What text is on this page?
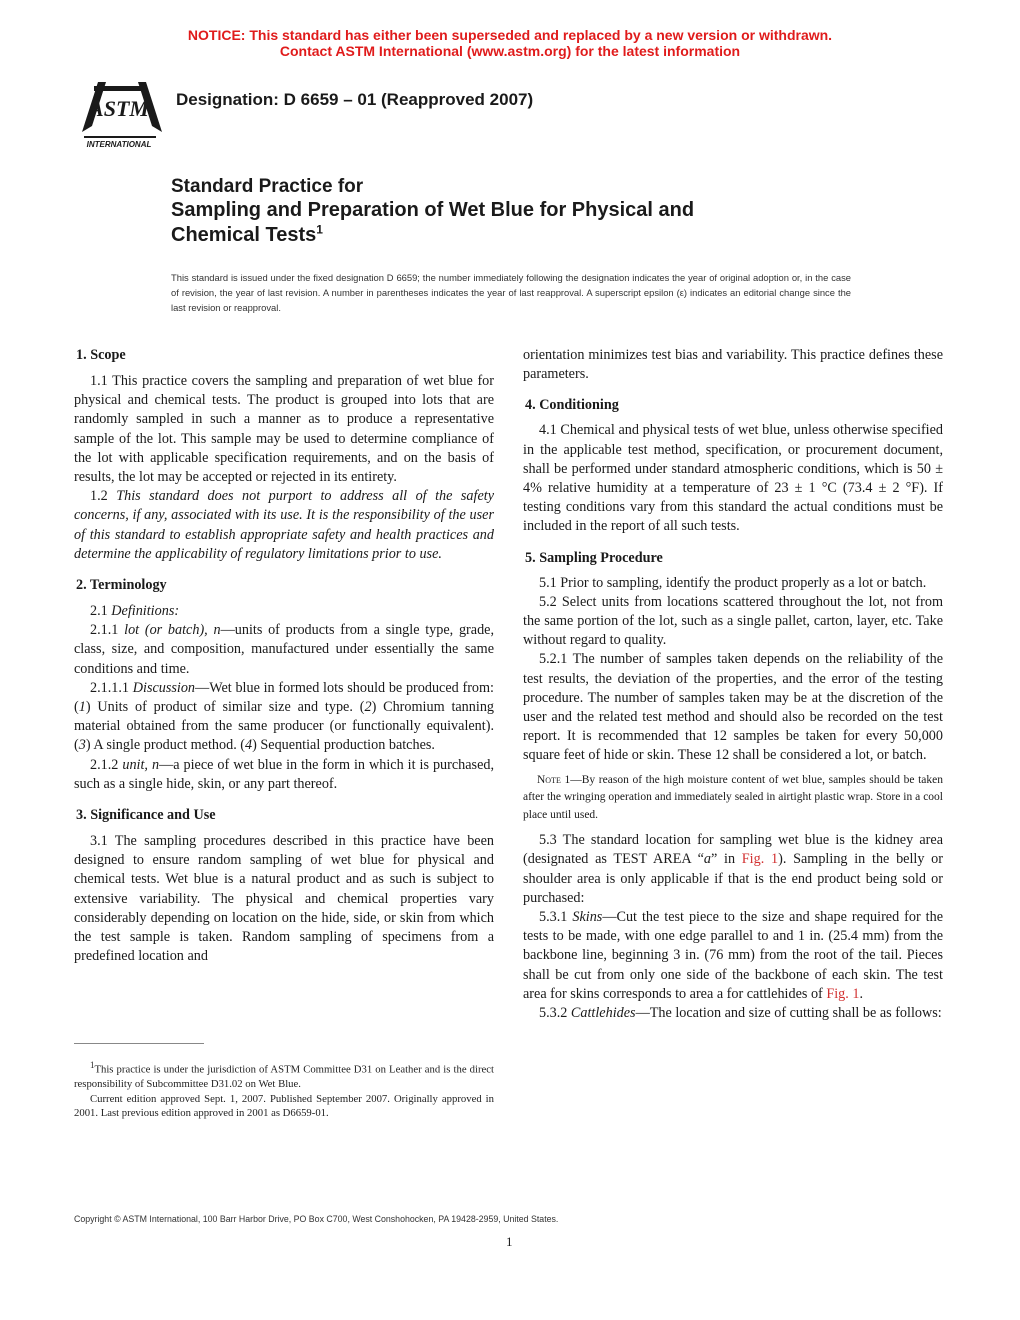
NOTICE: This standard has either been superseded and replaced by a new version or withdrawn.
Contact ASTM International (www.astm.org) for the latest information
ASTM
INTERNATIONAL
Designation: D 6659 – 01 (Reapproved 2007)
Standard Practice for
Sampling and Preparation of Wet Blue for Physical and
Chemical Tests$^1$
This standard is issued under the fixed designation D 6659; the number immediately following the designation indicates the year of original adoption or, in the case of revision, the year of last revision. A number in parentheses indicates the year of last reapproval. A superscript epsilon (ε) indicates an editorial change since the last revision or reapproval.
1. Scope

1.1 This practice covers the sampling and preparation of wet blue for physical and chemical tests. The product is grouped into lots that are randomly sampled in such a manner as to produce a representative sample of the lot. This sample may be used to determine compliance of the lot with applicable specification requirements, and on the basis of results, the lot may be accepted or rejected in its entirety.

1.2 This standard does not purport to address all of the safety concerns, if any, associated with its use. It is the responsibility of the user of this standard to establish appropriate safety and health practices and determine the applicability of regulatory limitations prior to use.

2. Terminology

2.1 Definitions:

2.1.1 lot (or batch), n—units of products from a single type, grade, class, size, and composition, manufactured under essentially the same conditions and time.

2.1.1.1 Discussion—Wet blue in formed lots should be produced from: (1) Units of product of similar size and type. (2) Chromium tanning material obtained from the same producer (or functionally equivalent). (3) A single product method. (4) Sequential production batches.

2.1.2 unit, n—a piece of wet blue in the form in which it is purchased, such as a single hide, skin, or any part thereof.

3. Significance and Use

3.1 The sampling procedures described in this practice have been designed to ensure random sampling of wet blue for physical and chemical tests. Wet blue is a natural product and as such is subject to extensive variability. The physical and chemical properties vary considerably depending on location on the hide, side, or skin from which the test sample is taken. Random sampling of specimens from a predefined location and

$^1$This practice is under the jurisdiction of ASTM Committee D31 on Leather and is the direct responsibility of Subcommittee D31.02 on Wet Blue.

Current edition approved Sept. 1, 2007. Published September 2007. Originally approved in 2001. Last previous edition approved in 2001 as D6659-01.

orientation minimizes test bias and variability. This practice defines these parameters.

4. Conditioning

4.1 Chemical and physical tests of wet blue, unless otherwise specified in the applicable test method, specification, or procurement document, shall be performed under standard atmospheric conditions, which is 50 ± 4% relative humidity at a temperature of 23 ± 1 °C (73.4 ± 2 °F). If testing conditions vary from this standard the actual conditions must be included in the report of all such tests.

5. Sampling Procedure

5.1 Prior to sampling, identify the product properly as a lot or batch.

5.2 Select units from locations scattered throughout the lot, not from the same portion of the lot, such as a single pallet, carton, layer, etc. Take without regard to quality.

5.2.1 The number of samples taken depends on the reliability of the test results, the deviation of the properties, and the error of the testing procedure. The number of samples taken may be at the discretion of the user and the related test method and should also be recorded on the test report. It is recommended that 12 samples be taken for every 50,000 square feet of hide or skin. These 12 shall be considered a lot, or batch.

Note 1—By reason of the high moisture content of wet blue, samples should be taken after the wringing operation and immediately sealed in airtight plastic wrap. Store in a cool place until used.

5.3 The standard location for sampling wet blue is the kidney area (designated as TEST AREA “a” in Fig. 1). Sampling in the belly or shoulder area is only applicable if that is the end product being sold or purchased:

5.3.1 Skins—Cut the test piece to the size and shape required for the tests to be made, with one edge parallel to and 1 in. (25.4 mm) from the backbone line, beginning 3 in. (76 mm) from the root of the tail. Pieces shall be cut from only one side of the backbone of each skin. The test area for skins corresponds to area a for cattlehides of Fig. 1.

5.3.2 Cattlehides—The location and size of cutting shall be as follows:

Copyright © ASTM International, 100 Barr Harbor Drive, PO Box C700, West Conshohocken, PA 19428-2959, United States.
1
